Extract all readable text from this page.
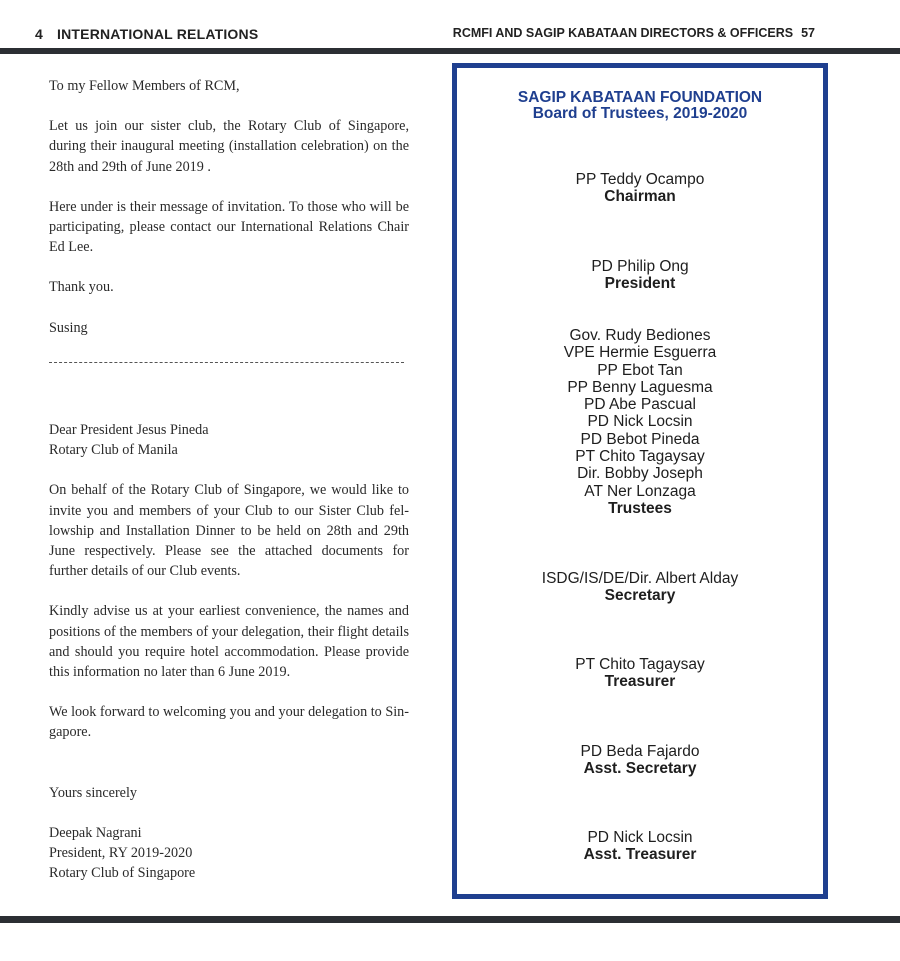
4 INTERNATIONAL RELATIONS	RCMFI AND SAGIP KABATAAN DIRECTORS & OFFICERS 57

To my Fellow Members of RCM,

Let us join our sister club, the Rotary Club of Singapore, during their inaugural meeting (installation celebration) on the 28th and 29th of June 2019 .

Here under is their message of invitation. To those who will be participating, please contact our International Relations Chair Ed Lee.

Thank you.

Susing

Dear President Jesus Pineda

Rotary Club of Manila

On behalf of the Rotary Club of Singapore, we would like to invite you and members of your Club to our Sister Club fel-lowship and Installation Dinner to be held on 28th and 29th June respectively. Please see the attached documents for further details of our Club events.

Kindly advise us at your earliest convenience, the names and positions of the members of your delegation, their flight details and should you require hotel accommodation. Please provide this information no later than 6 June 2019.

We look forward to welcoming you and your delegation to Sin-gapore.

Yours sincerely

Deepak Nagrani

President, RY 2019-2020

Rotary Club of Singapore

SAGIP KABATAAN FOUNDATION
Board of Trustees, 2019-2020
PP Teddy Ocampo
Chairman
PD Philip Ong
President
Gov. Rudy Bediones
VPE Hermie Esguerra
PP Ebot Tan
PP Benny Laguesma
PD Abe Pascual
PD Nick Locsin
PD Bebot Pineda
PT Chito Tagaysay
Dir. Bobby Joseph
AT Ner Lonzaga
Trustees
ISDG/IS/DE/Dir. Albert Alday
Secretary
PT Chito Tagaysay
Treasurer
PD Beda Fajardo
Asst. Secretary
PD Nick Locsin
Asst. Treasurer
